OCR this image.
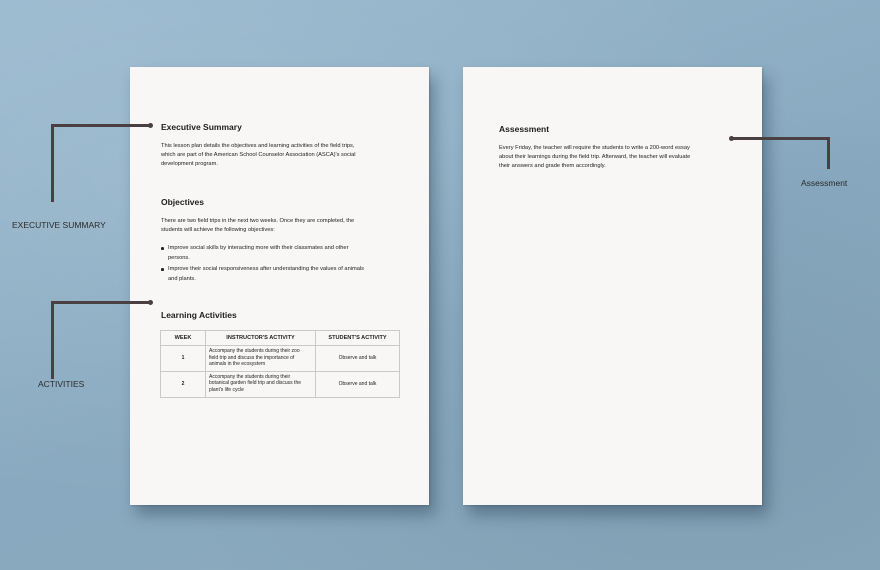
Executive Summary
This lesson plan details the objectives and learning activities of the field trips,
which are part of the American School Counselor Association (ASCA)'s social
development program.
Objectives
There are two field trips in the next two weeks. Once they are completed, the
students will achieve the following objectives:
Improve social skills by interacting more with their classmates and other
persons.
Improve their social responsiveness after understanding the values of animals
and plants.
Learning Activities
WEEK	INSTRUCTOR'S ACTIVITY	STUDENT'S ACTIVITY
1	Accompany the students during their zoo
field trip and discuss the importance of
animals in the ecosystem	Observe and talk
2	Accompany the students during their
botanical garden field trip and discuss the
plant's life cycle	Observe and talk
Assessment
Every Friday, the teacher will require the students to write a 200-word essay
about their learnings during the field trip. Afterward, the teacher will evaluate
their answers and grade them accordingly.
EXECUTIVE SUMMARY
ACTIVITIES
Assessment
